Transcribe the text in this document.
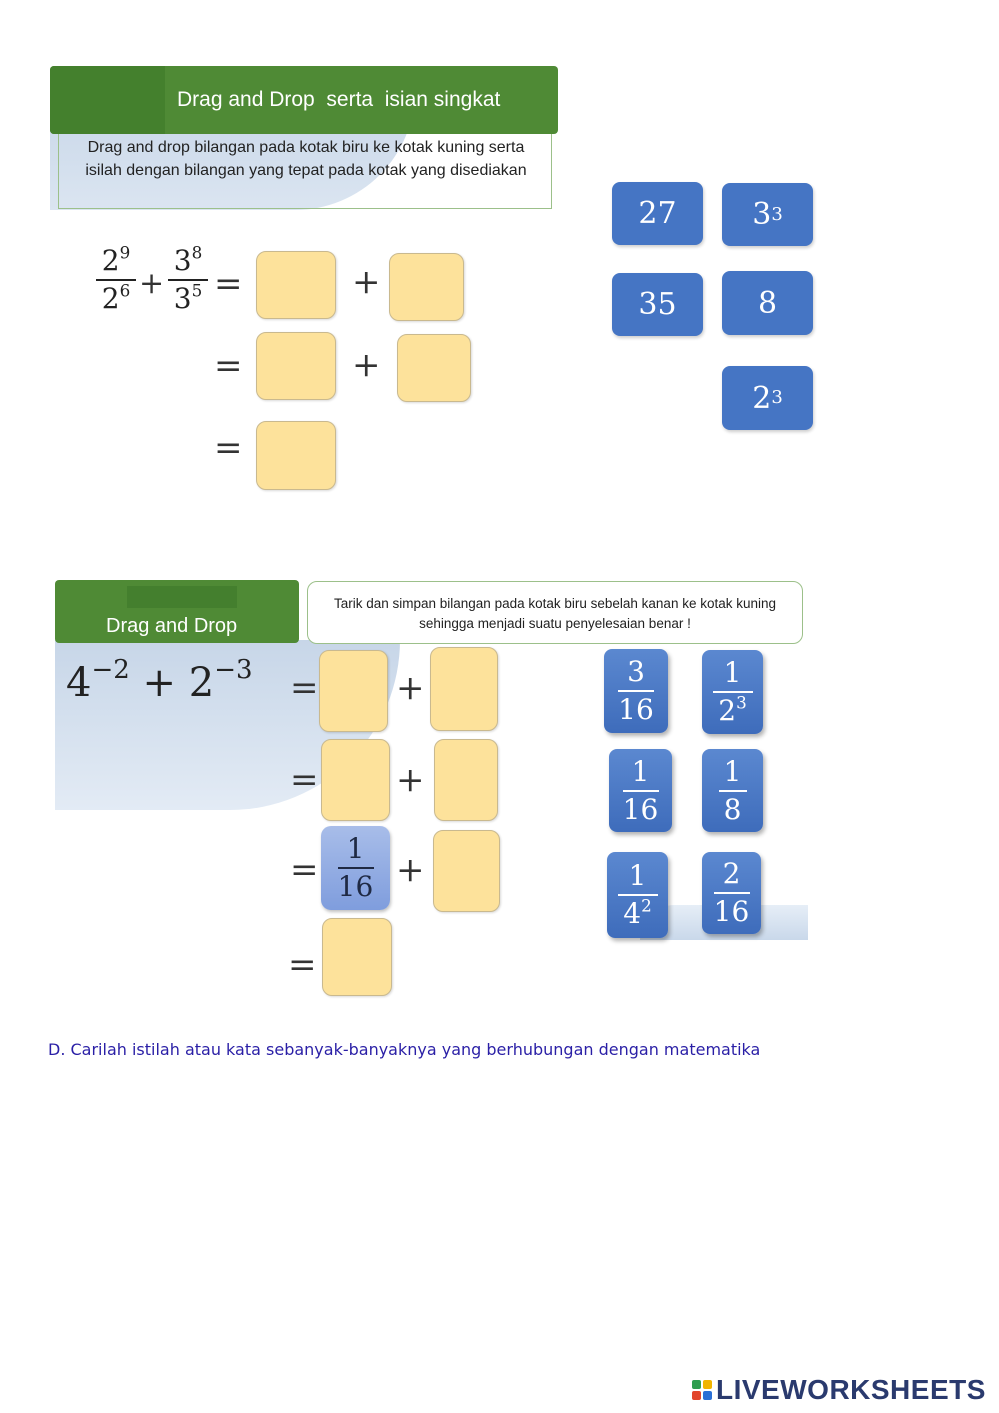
Drag and Drop  serta  isian singkat
Drag and drop bilangan pada kotak biru ke kotak kuning serta isilah dengan bilangan yang tepat pada kotak yang disediakan
$\frac{2^9}{2^6} + \frac{3^8}{3^5}$ =	+
=	+
=
27	3 3
35	8
2 3
Drag and Drop
Tarik dan simpan bilangan pada kotak biru sebelah kanan ke kotak kuning sehingga menjadi suatu penyelesaian benar !
$4^{-2} + 2^{-3}$ = +
= +
= $\frac{1}{16}$ +
=
$\frac{3}{16} \frac{1}{2^3}$
$\frac{1}{16} \frac{1}{8}$
$\frac{1}{4^2} \frac{2}{16}$
D. Carilah istilah atau kata sebanyak-banyaknya yang berhubungan dengan matematika
LIVEWORKSHEETS
